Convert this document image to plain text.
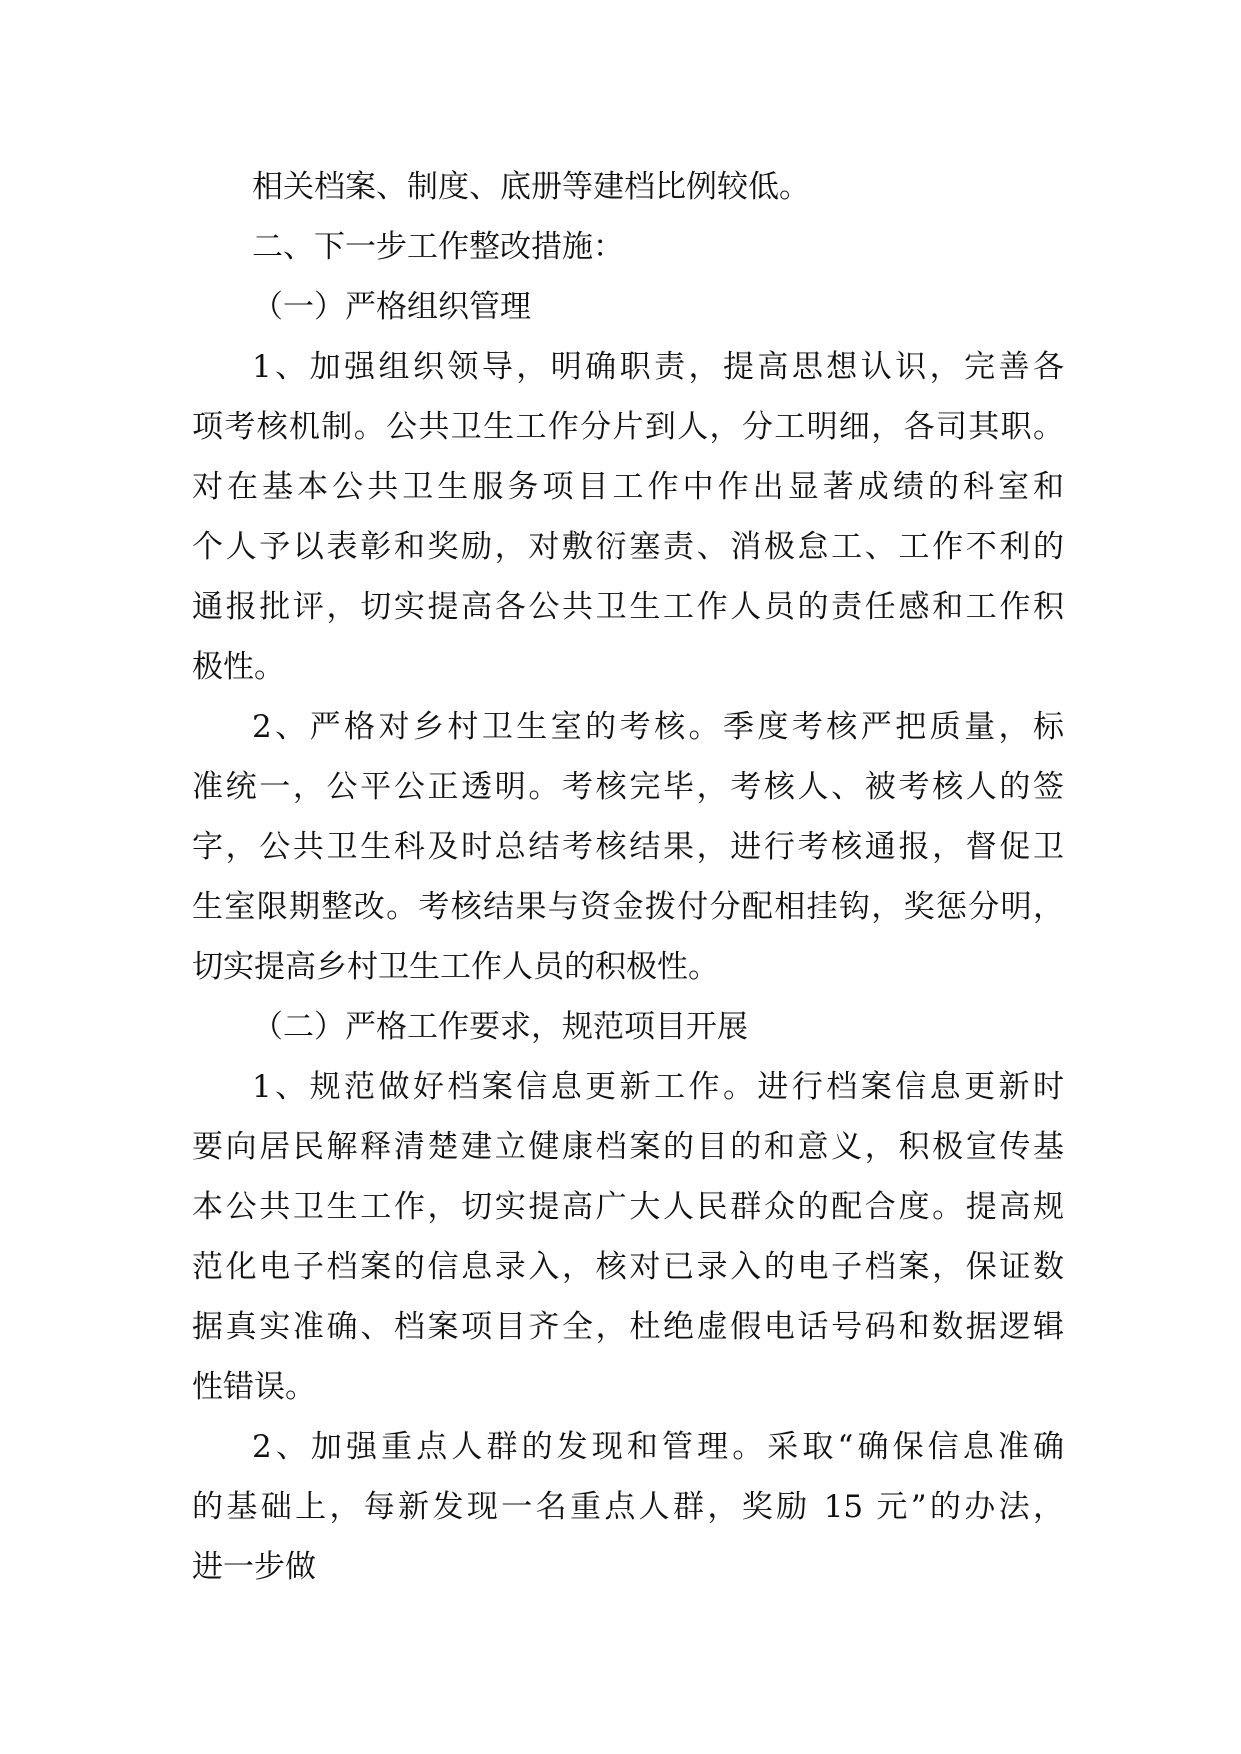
相关档案、制度、底册等建档比例较低。
二、下一步工作整改措施：
（一）严格组织管理
1、加强组织领导，明确职责，提高思想认识，完善各
项考核机制。公共卫生工作分片到人，分工明细，各司其职。
对在基本公共卫生服务项目工作中作出显著成绩的科室和
个人予以表彰和奖励，对敷衍塞责、消极怠工、工作不利的
通报批评，切实提高各公共卫生工作人员的责任感和工作积
极性。
2、严格对乡村卫生室的考核。季度考核严把质量，标
准统一，公平公正透明。考核完毕，考核人、被考核人的签
字，公共卫生科及时总结考核结果，进行考核通报，督促卫
生室限期整改。考核结果与资金拨付分配相挂钩，奖惩分明，
切实提高乡村卫生工作人员的积极性。
（二）严格工作要求，规范项目开展
1、规范做好档案信息更新工作。进行档案信息更新时
要向居民解释清楚建立健康档案的目的和意义，积极宣传基
本公共卫生工作，切实提高广大人民群众的配合度。提高规
范化电子档案的信息录入，核对已录入的电子档案，保证数
据真实准确、档案项目齐全，杜绝虚假电话号码和数据逻辑
性错误。
2、加强重点人群的发现和管理。采取“确保信息准确
的基础上，每新发现一名重点人群，奖励 15 元”的办法，
进一步做
